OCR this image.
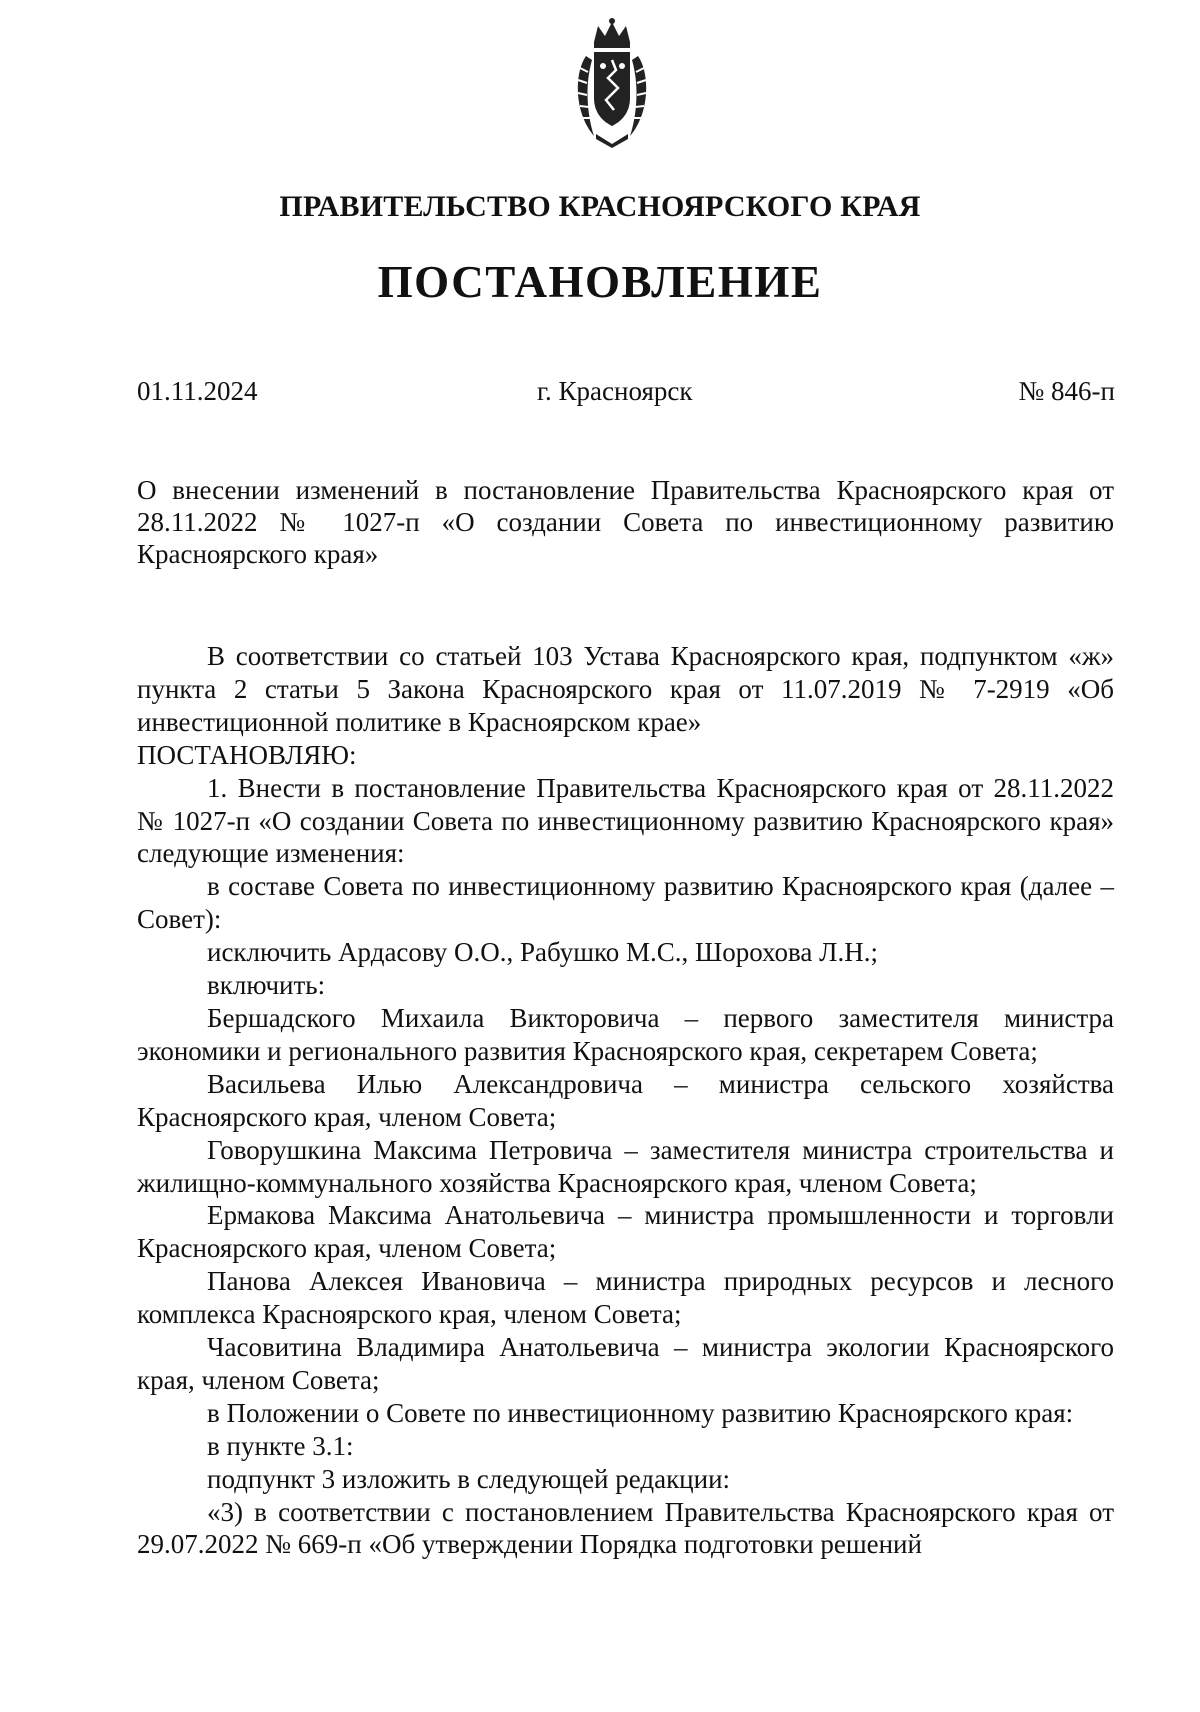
ПРАВИТЕЛЬСТВО КРАСНОЯРСКОГО КРАЯ
ПОСТАНОВЛЕНИЕ
01.11.2024	г. Красноярск	№ 846-п
О внесении изменений в постановление Правительства Красноярского края от 28.11.2022 № 1027-п «О создании Совета по инвестиционному развитию Красноярского края»

В соответствии со статьей 103 Устава Красноярского края, подпунктом «ж» пункта 2 статьи 5 Закона Красноярского края от 11.07.2019 № 7-2919 «Об инвестиционной политике в Красноярском крае»

ПОСТАНОВЛЯЮ:

1. Внести в постановление Правительства Красноярского края от 28.11.2022 № 1027-п «О создании Совета по инвестиционному развитию Красноярского края» следующие изменения:

в составе Совета по инвестиционному развитию Красноярского края (далее – Совет):

исключить Ардасову О.О., Рабушко М.С., Шорохова Л.Н.;

включить:

Бершадского Михаила Викторовича – первого заместителя министра экономики и регионального развития Красноярского края, секретарем Совета;

Васильева Илью Александровича – министра сельского хозяйства Красноярского края, членом Совета;

Говорушкина Максима Петровича – заместителя министра строительства и жилищно-коммунального хозяйства Красноярского края, членом Совета;

Ермакова Максима Анатольевича – министра промышленности и торговли Красноярского края, членом Совета;

Панова Алексея Ивановича – министра природных ресурсов и лесного комплекса Красноярского края, членом Совета;

Часовитина Владимира Анатольевича – министра экологии Красноярского края, членом Совета;

в Положении о Совете по инвестиционному развитию Красноярского края:

в пункте 3.1:

подпункт 3 изложить в следующей редакции:

«3) в соответствии с постановлением Правительства Красноярского края от 29.07.2022 № 669-п «Об утверждении Порядка подготовки решений
